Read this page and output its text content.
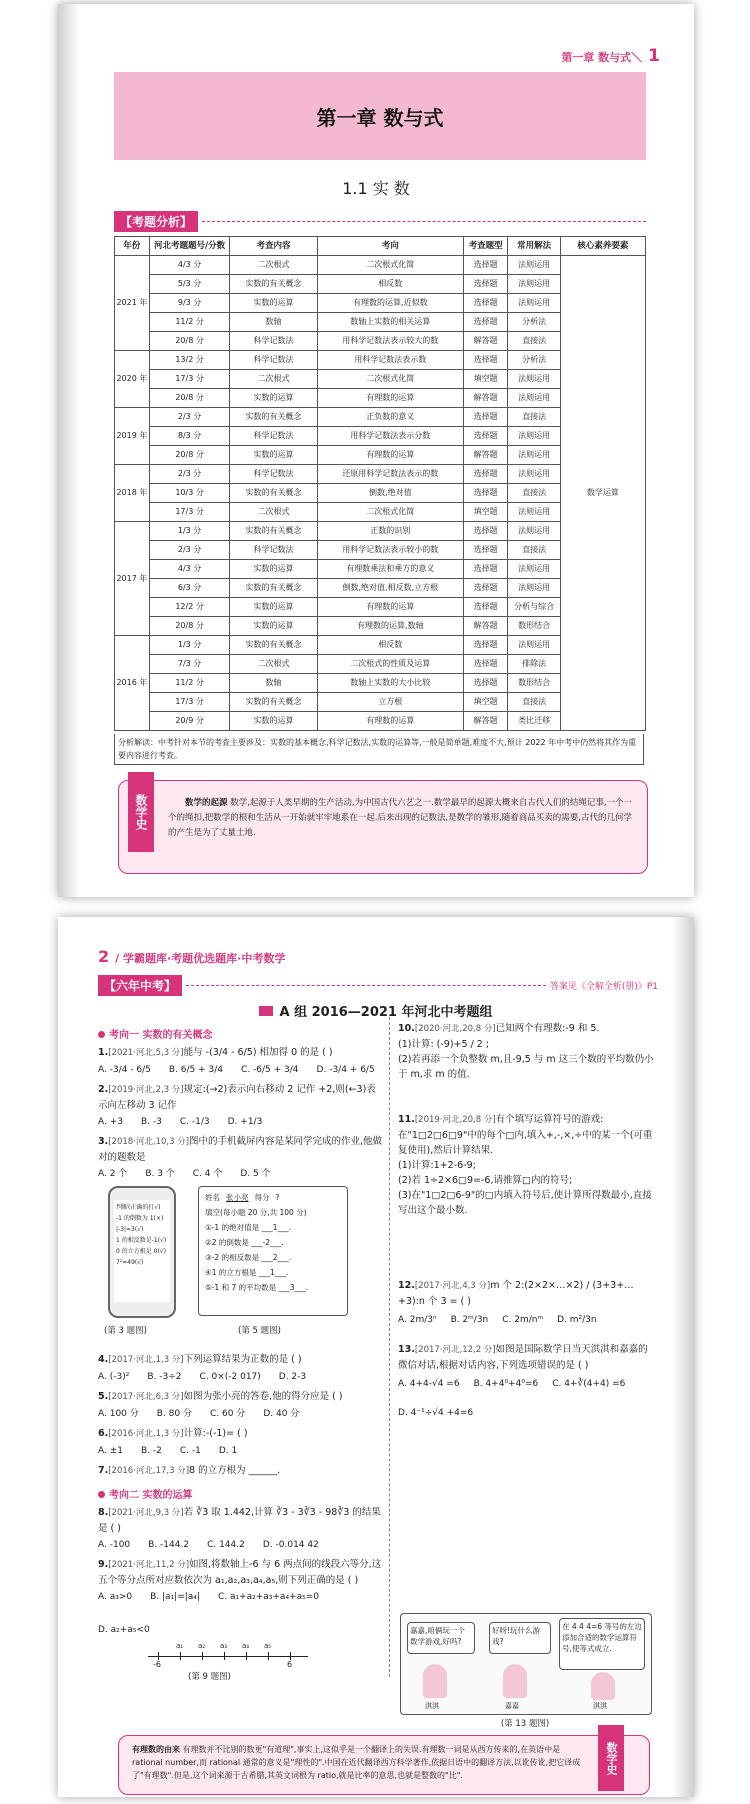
第一章 数与式＼ 1
第一章 数与式
1.1 实 数
【考题分析】
年份	河北考题题号/分数	考查内容	考向	考查题型	常用解法	核心素养要素
2021 年	4/3 分	二次根式	二次根式化简	选择题	法则运用	数学运算
	5/3 分	实数的有关概念	相反数	选择题	法则运用	
	9/3 分	实数的运算	有理数的运算,近似数	选择题	法则运用	
	11/2 分	数轴	数轴上实数的相关运算	选择题	分析法	
	20/8 分	科学记数法	用科学记数法表示较大的数	解答题	直接法	
2020 年	13/2 分	科学记数法	用科学记数法表示数	选择题	分析法	
	17/3 分	二次根式	二次根式化简	填空题	法则运用	
	20/8 分	实数的运算	有理数的运算	解答题	法则运用	
2019 年	2/3 分	实数的有关概念	正负数的意义	选择题	直接法	
	8/3 分	科学记数法	用科学记数法表示分数	选择题	法则运用	
	20/8 分	实数的运算	有理数的运算	解答题	法则运用	
2018 年	2/3 分	科学记数法	还原用科学记数法表示的数	选择题	法则运用	
	10/3 分	实数的有关概念	倒数,绝对值	选择题	直接法	
	17/3 分	二次根式	二次根式化简	填空题	法则运用	
2017 年	1/3 分	实数的有关概念	正数的识别	选择题	法则运用	
	2/3 分	科学记数法	用科学记数法表示较小的数	选择题	直接法	
	4/3 分	实数的运算	有理数乘法和乘方的意义	选择题	法则运用	
	6/3 分	实数的有关概念	倒数,绝对值,相反数,立方根	选择题	法则运用	
	12/2 分	实数的运算	有理数的运算	选择题	分析与综合	
	20/8 分	实数的运算	有理数的运算,数轴	解答题	数形结合	
2016 年	1/3 分	实数的有关概念	相反数	选择题	法则运用	
	7/3 分	二次根式	二次根式的性质及运算	选择题	排除法	
	11/2 分	数轴	数轴上实数的大小比较	选择题	数形结合	
	17/3 分	实数的有关概念	立方根	填空题	直接法	
	20/9 分	实数的运算	有理数的运算	解答题	类比迁移	
分析解读：中考针对本节的考查主要涉及：实数的基本概念,科学记数法,实数的运算等,一般是简单题,难度不大,预计 2022 年中考中仍然将其作为重要内容进行考查。
数学史	数学的起源 数学,起源于人类早期的生产活动,为中国古代六艺之一.数学最早的起源大概来自古代人们的结绳记事,一个一个的绳扣,把数学的根和生活从一开始就牢牢地系在一起.后来出现的记数法,是数学的雏形,随着商品买卖的需要,古代的几何学的产生是为了丈量土地.
2 / 学霸题库·考题优选题库·中考数学
【六年中考】	答案见《全解全析(册)》P1
A 组 2016—2021 年河北中考题组
考向一 实数的有关概念
1.[2021·河北,5,3 分]能与 -(3/4 - 6/5) 相加得 0 的是 ( )
A. -3/4 - 6/5 B. 6/5 + 3/4 C. -6/5 + 3/4 D. -3/4 + 6/5
2.[2019·河北,2,3 分]规定:(→2)表示向右移动 2 记作 +2,则(←3)表示向左移动 3 记作
A. +3 B. -3 C. -1/3 D. +1/3
3.[2018·河北,10,3 分]图中的手机截屏内容是某同学完成的作业,他做对的题数是
A. 2 个 B. 3 个 C. 4 个 D. 5 个
判断(正确的打√)
-1 的倒数为 1(×)
|-3|=3(√)
1 的相反数是-1(√)
0 的立方根是 0(√)
7²=49(√)
姓名 张小亮 得分 ?
填空(每小题 20 分,共 100 分)
①-1 的绝对值是 ___1___.
②2 的倒数是 ___-2___.
③-2 的相反数是 ___2___.
④1 的立方根是 ___1___.
⑤-1 和 7 的平均数是 ___3___.
(第 3 题图)	(第 5 题图)
4.[2017·河北,1,3 分]下列运算结果为正数的是 ( )
A. (-3)² B. -3÷2 C. 0×(-2 017) D. 2-3
5.[2017·河北,6,3 分]如图为张小亮的答卷,他的得分应是 ( )
A. 100 分 B. 80 分 C. 60 分 D. 40 分
6.[2016·河北,1,3 分]计算:-(-1)= ( )
A. ±1 B. -2 C. -1 D. 1
7.[2016·河北,17,3 分]8 的立方根为 ______.
考向二 实数的运算
8.[2021·河北,9,3 分]若 ∛3 取 1.442,计算 ∛3 - 3∛3 - 98∛3 的结果是 ( )
A. -100 B. -144.2 C. 144.2 D. -0.014 42
9.[2021·河北,11,2 分]如图,将数轴上-6 与 6 两点间的线段六等分,这五个等分点所对应数依次为 a₁,a₂,a₃,a₄,a₅,则下列正确的是 ( )
A. a₃>0 B. |a₁|=|a₄| C. a₁+a₂+a₃+a₄+a₅=0
D. a₂+a₅<0
-6	6
a₁ a₂ a₃ a₄ a₅
(第 9 题图)
10.[2020·河北,20,8 分]已知两个有理数:-9 和 5.
(1)计算: (-9)+5 / 2 ;
(2)若再添一个负整数 m,且-9,5 与 m 这三个数的平均数仍小于 m,求 m 的值.
11.[2019·河北,20,8 分]有个填写运算符号的游戏:在"1□2□6□9"中的每个□内,填入+,-,×,÷中的某一个(可重复使用),然后计算结果.
(1)计算:1+2-6-9;
(2)若 1÷2×6□9=-6,请推算□内的符号;
(3)在"1□2□6-9"的□内填入符号后,使计算所得数最小,直接写出这个最小数.
12.[2017·河北,4,3 分]m 个 2:(2×2×…×2) / (3+3+…+3):n 个 3 = ( )
A. 2m/3ⁿ B. 2ᵐ/3n C. 2m/nᵐ D. m²/3n
13.[2017·河北,12,2 分]如图是国际数学日当天淇淇和嘉嘉的微信对话,根据对话内容,下列选项错误的是 ( )
A. 4+4-√4 =6 B. 4+4⁰+4⁰=6 C. 4+∛(4+4) =6
D. 4⁻¹÷√4 +4=6
嘉嘉,咱俩玩一个数学游戏,好吗?
好呀!玩什么游戏?
在 4 4 4=6 等号的左边添加合适的数学运算符号,使等式成立.
淇淇	嘉嘉	淇淇
(第 13 题图)
有理数的由来 有理数并不比别的数更"有道理",事实上,这似乎是一个翻译上的失误.有理数一词是从西方传来的,在英语中是 rational number,而 rational 通常的意义是"理性的".中国在近代翻译西方科学著作,依据日语中的翻译方法,以讹传讹,把它译成了"有理数".但是,这个词来源于古希腊,其英文词根为 ratio,就是比率的意思,也就是整数的"比".
数学史
